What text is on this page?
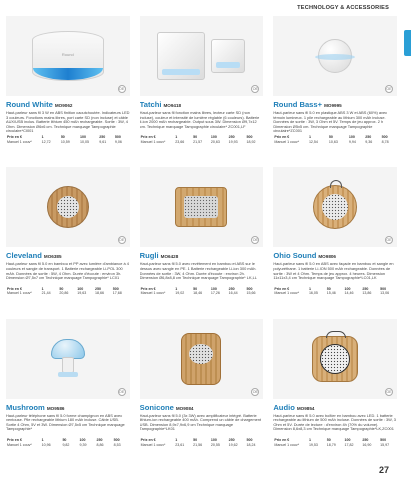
TECHNOLOGY & ACCESSORIES
Round
OE
Round White MO9062
Haut-parleur sans fil 3 W en ABS finition caoutchoutée. Indicateurs LED 3 couleurs. Fonctions mains libres, port carte SD (non incluse) et câble AUX/USB inclus. Batterie lithium 450 mAh rechargeable. Sortie : 3W, 4 Ohm. Dimension Ø6x6 cm. Technique marquage Tampographie circulaire*CI001
Prix en €	1	50	100	250	500
Manuel 1 couv*	12,72	10,59	10,05	9,61	9,06
OE
Tatchi MO9418
Haut-parleur sans fil fonction mains libres, lecteur carte SD (non incluse), couleur et intensité de lumière réglable (6 couleurs). Batterie li-ion 2000 mAh rechargeable. Output sous 3W. Dimension Ø9,7x12 cm. Technique marquage Tampographie circulaire* ZC001,LF
Prix en €	1	50	100	250	500
Manuel 1 couv*	23,66	21,57	20,63	19,93	18,92
OE
Round Bass+ MO9995
Haut-parleur sans fil 5.0 en plastique ABS 3 W et ABS (60%) avec témoin lumineux. 1 pile rechargeable au lithium 300 mAh incluse. Données de sortie : 3W, 3 Ohm et 5V. Temps de jeu approx. 2 h Dimension Ø5x5 cm. Technique marquage Tampographie circulaire*ZC001
Prix en €	1	50	100	250	500
Manuel 1 couv*	12,54	10,63	9,94	9,36	8,78
OE
Cleveland MO6385
Haut-parleur sans fil 5.0 en bambou et PP avec lumière d'ambiance à 4 couleurs et sangle de transport. 1 Batterie rechargeable Li-POL 300 mAh. Données de sortie : 5W, 4 Ohm. Durée d'écoute : environ 3h. Dimension Ø7,5x7 cm Technique marquage Tampographie* LC01
Prix en €	1	50	100	250	500
Manuel 1 couv*	21,44	20,86	19,63	18,66	17,68
OE
Rugli MO6428
Haut-parleur sans fil 5.0 avec revêtement en bambou et ABS sur le dessus avec sangle en PE. 1 Batterie rechargeable Li-ion 300 mAh. Données de sortie : 3W, 4 Ohm. Durée d'écoute : environ 2h. Dimension Ø6,8x8,8 cm Technique marquage Tampographie* LK,LL
Prix en €	1	50	100	250	500
Manuel 1 couv*	19,02	18,46	17,26	16,44	15,66
OE
Ohio Sound MO9806
Haut-parleur sans fil 5.0 en ABS avec façade en bambou et sangle en polyuréthane. 1 batterie Li-ION 500 mAh rechargeable. Données de sortie : 3W et 4 Ohm. Temps de jeu approx. 4 heures. Dimension 11x11x3,4 cm Technique marquage Tampographie*LC01,LK
Prix en €	1	50	100	250	500
Manuel 1 couv*	16,05	15,46	14,46	13,86	13,06
OE
Mushroom MO9586
Haut-parleur téléphone sans fil 5.0 forme champignon en ABS avec ventouse. Pile rechargeable lithium 180 mAh incluse. Câble USB. Sortie 4 Ohm, 5V et 3W. Dimension Ø7,5x5 cm Technique marquage Tampographie*
Prix en €	1	50	100	250	500
Manuel 1 couv*	10,96	9,82	9,39	8,86	8,53
OE
Sonicone MO9084
Haut-parleur sans fil 5.0 (3x 3W) avec amplificateur intégré. Batterie lithium-ion rechargeable 400 mAh. Comprend un câble de chargement USB. Dimension 8,9x7,9x6,9 cm Technique marquage Tampographie*LK01
Prix en €	1	50	100	250	500
Manuel 1 couv*	23,61	21,56	20,55	19,62	18,24
OE
Audio MO9854
Haut-parleur sans fil 5.0 avec boîtier en bambou avec LED. 1 batterie rechargeable au lithium de 500 mAh incluse. Données de sortie : 3W, 3 Ohm et 5V. Durée de lecture : d'environ 4h (70% du volume). Dimension 8,6x8,3 cm Technique marquage Tampographie*LK,ZC001
Prix en €	1	50	100	250	500
Manuel 1 couv*	19,53	18,79	17,82	16,90	15,97
27
